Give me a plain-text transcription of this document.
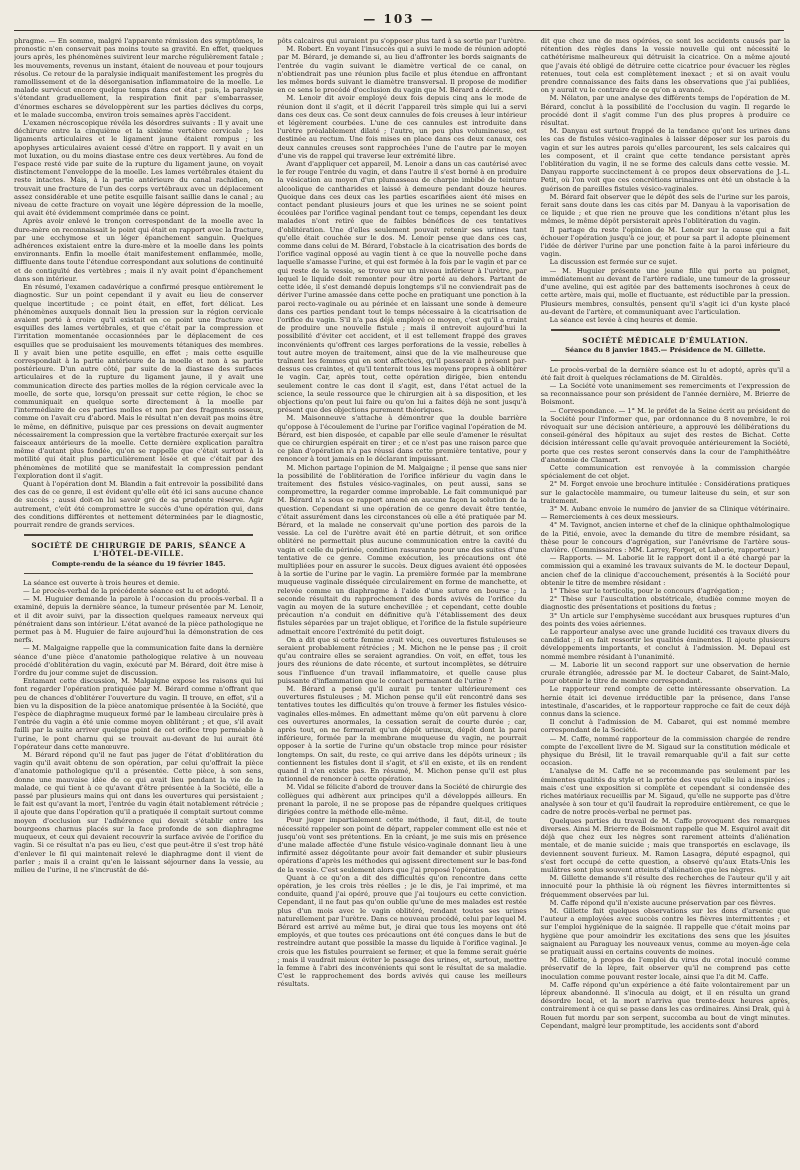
— 103 —

phragme. — En somme, malgré l'apparente rémission des symptômes, le pronostic n'en conservait pas moins toute sa gravité. En effet, quelques jours après, les phénomènes suivirent leur marche régulièrement fatale ; les mouvements, revenus un instant, étaient de nouveau et pour toujours résolus. Ce retour de la paralysie indiquait manifestement les progrès du ramollissement et de la désorganisation inflammatoire de la moelle. Le malade survécut encore quelque temps dans cet état ; puis, la paralysie s'étendant graduellement, la respiration finit par s'embarrasser, d'énormes eschares se développèrent sur les parties déclives du corps, et le malade succomba, environ trois semaines après l'accident.

L'examen nécroscopique révéla les désordres suivants : Il y avait une déchirure entre la cinquième et la sixième vertèbre cervicale ; les ligaments articulaires et le ligament jaune étaient rompus ; les apophyses articulaires avaient cessé d'être en rapport. Il y avait en un mot luxation, ou du moins diastase entre ces deux vertèbres. Au fond de l'espace resté vide par suite de la rupture du ligament jaune, on voyait distinctement l'enveloppe de la moelle. Les lames vertébrales étaient du reste intactes. Mais, à la partie antérieure du canal rachidien, on trouvait une fracture de l'un des corps vertébraux avec un déplacement assez considérable et une petite esquille faisant saillie dans le canal ; au niveau de cette fracture on voyait une légère dépression de la moelle, qui avait été évidemment comprimée dans ce point.

Après avoir enlevé le tronçon correspondant de la moelle avec la dure-mère on reconnaissait le point qui était en rapport avec la fracture, par une ecchymose et un léger épanchement sanguin. Quelques adhérences existaient entre la dure-mère et la moelle dans les points environnants. Enfin la moelle était manifestement enflammée, molle, diffluente dans toute l'étendue correspondant aux solutions de continuité et de contiguïté des vertèbres ; mais il n'y avait point d'épanchement dans son intérieur.

En résumé, l'examen cadavérique a confirmé presque entièrement le diagnostic. Sur un point cependant il y avait eu lieu de conserver quelque incertitude ; ce point était, en effet, fort délicat. Les phénomènes auxquels donnait lieu la pression sur la région cervicale avaient porté à croire qu'il existait en ce point une fracture avec esquilles des lames vertébrales, et que c'était par la compression et l'irritation momentanée occasionnées par le déplacement de ces esquilles que se produisaient les mouvements tétaniques des membres. Il y avait bien une petite esquille, en effet ; mais cette esquille correspondait à la partie antérieure de la moelle et non à sa partie postérieure. D'un autre côté, par suite de la diastase des surfaces articulaires et de la rupture du ligament jaune, il y avait une communication directe des parties molles de la région cervicale avec la moelle, de sorte que, lorsqu'on pressait sur cette région, le choc se communiquait en quelque sorte directement à la moelle par l'intermédiaire de ces parties molles et non par des fragments osseux, comme on l'avait cru d'abord. Mais le résultat n'en devait pas moins être le même, en définitive, puisque par ces pressions on devait augmenter nécessairement la compression que la vertèbre fracturée exerçait sur les faisceaux antérieurs de la moelle. Cette dernière explication paraîtra même d'autant plus fondée, qu'on se rappelle que c'était surtout à la motilité qui était plus particulièrement lésée et que c'était par des phénomènes de motilité que se manifestait la compression pendant l'exploration dont il s'agit.

Quant à l'opération dont M. Blandin a fait entrevoir la possibilité dans des cas de ce genre, il est évident qu'elle eût été ici sans aucune chance de succès ; aussi doit-on lui savoir gré de sa prudente réserve. Agir autrement, c'eût été compromettre le succès d'une opération qui, dans des conditions différentes et nettement déterminées par le diagnostic, pourrait rendre de grands services.

SOCIÉTÉ DE CHIRURGIE DE PARIS, SÉANCE A L'HÔTEL-DE-VILLE.
Compte-rendu de la séance du 19 février 1845.

La séance est ouverte à trois heures et demie.

— Le procès-verbal de la précédente séance est lu et adopté.

— M. Huguier demande la parole à l'occasion du procès-verbal. Il a examiné, depuis la dernière séance, la tumeur présentée par M. Lenoir, et il dit avoir suivi, par la dissection quelques rameaux nerveux qui pénétraient dans son intérieur. L'état avancé de la pièce pathologique ne permet pas à M. Huguier de faire aujourd'hui la démonstration de ces nerfs.

— M. Malgaigne rappelle que la communication faite dans la dernière séance d'une pièce d'anatomie pathologique relative à un nouveau procédé d'oblitération du vagin, exécuté par M. Bérard, doit être mise à l'ordre du jour comme sujet de discussion.

Entamant cette discussion, M. Malgaigne expose les raisons qui lui font regarder l'opération pratiquée par M. Bérard comme n'offrant que peu de chances d'oblitérer l'ouverture du vagin. Il trouve, en effet, s'il a bien vu la disposition de la pièce anatomique présentée à la Société, que l'espèce de diaphragme muqueux formé par le lambeau circulaire près à l'entrée du vagin a été unie comme moyen oblitérant ; et que, s'il avait failli par la suite arriver quelque point de cet orifice trop perméable à l'urine, le pont charnu qui se trouvait au-devant de lui aurait ôté l'opérateur dans cette manœuvre.

M. Bérard répond qu'il ne faut pas juger de l'état d'oblitération du vagin qu'il avait obtenu de son opération, par celui qu'offrait la pièce d'anatomie pathologique qu'il a présentée. Cette pièce, à son sens, donne une mauvaise idée de ce qui avait lieu pendant la vie de la malade, ce qui tient à ce qu'avant d'être présentée à la Société, elle a passé par plusieurs mains qui ont dans les ouvertures qui persistaient ; le fait est qu'avant la mort, l'entrée du vagin était notablement rétrécie ; il ajoute que dans l'opération qu'il a pratiquée il comptait surtout comme moyen d'occlusion sur l'adhérence qui devait s'établir entre les bourgeons charnus placés sur la face profonde de son diaphragme muqueux, et ceux qui devaient recouvrir la surface avivée de l'orifice du vagin. Si ce résultat n'a pas eu lieu, c'est que peut-être il s'est trop hâté d'enlever le fil qui maintenait relevé le diaphragme dont il vient de parler ; mais il a craint qu'en le laissant séjourner dans la vessie, au milieu de l'urine, il ne s'incrustât de dé-

pôts calcaires qui auraient pu s'opposer plus tard à sa sortie par l'urètre.

M. Robert. En voyant l'insuccès qui a suivi le mode de réunion adopté par M. Bérard, je demande si, au lieu d'affronter les bords saignants de l'entrée du vagin suivant le diamètre vertical de ce canal, on n'obtiendrait pas une réunion plus facile et plus étendue en affrontant les mêmes bords suivant le diamètre transversal. Il propose de modifier en ce sens le procédé d'occlusion du vagin que M. Bérard a décrit.

M. Lenoir dit avoir employé deux fois depuis cinq ans le mode de réunion dont il s'agit, et il décrit l'appareil très simple qui lui a servi dans ces deux cas. Ce sont deux cannules de fois creuses à leur intérieur et légèrement courbées. L'une de ces cannules est introduite dans l'urètre préalablement dilaté ; l'autre, un peu plus volumineuse, est destinée au rectum. Une fois mises en place dans ces deux canaux, ces deux cannules creuses sont rapprochées l'une de l'autre par le moyen d'une vis de rappel qui traverse leur extrémité libre.

Avant d'appliquer cet appareil, M. Lenoir a dans un cas cautérisé avec le fer rouge l'entrée du vagin, et dans l'autre il s'est borné à en produire la vésication au moyen d'un plumasseau de charpie imbibé de teinture alcoolique de cantharides et laissé à demeure pendant douze heures. Quoique dans ces deux cas les parties escarifiées aient été mises en contact pendant plusieurs jours et que les urines ne se soient point écoulées par l'orifice vaginal pendant tout ce temps, cependant les deux malades n'ont retiré que de faibles bénéfices de ces tentatives d'oblitération. Une d'elles seulement pouvait retenir ses urines tant qu'elle était couchée sur le dos. M. Lenoir pense que dans ces cas, comme dans celui de M. Bérard, l'obstacle à la cicatrisation des bords de l'orifice vaginal opposé au vagin tient à ce que la nouvelle poche dans laquelle s'amasse l'urine, et qui est formée à la fois par le vagin et par ce qui reste de la vessie, se trouve sur un niveau inférieur à l'urètre, par lequel le liquide doit remonter pour être porté au dehors. Partant de cette idée, il s'est demandé depuis longtemps s'il ne conviendrait pas de dériver l'urine amassée dans cette poche en pratiquant une ponction à la paroi recto-vaginale ou au périnée et en laissant une sonde à demeure dans ces parties pendant tout le temps nécessaire à la cicatrisation de l'orifice du vagin. S'il n'a pas déjà employé ce moyen, c'est qu'il a craint de produire une nouvelle fistule ; mais il entrevoit aujourd'hui la possibilité d'éviter cet accident, et il est tellement frappé des graves inconvénients qu'offrent ces larges perforations de la vessie, rebelles à tout autre moyen de traitement, ainsi que de la vie malheureuse que traînent les femmes qui en sont affectées, qu'il passerait à présent par-dessus ces craintes, et qu'il tenterait tous les moyens propres à oblitérer le vagin. Car, après tout, cette opération dirigée, bien entendu seulement contre le cas dont il s'agit, est, dans l'état actuel de la science, la seule ressource que le chirurgien ait à sa disposition, et les objections qu'on peut lui faire ou qu'on lui a faites déjà ne sont jusqu'à présent que des objections purement théoriques.

M. Maisonneuve s'attache à démontrer que la double barrière qu'oppose à l'écoulement de l'urine par l'orifice vaginal l'opération de M. Bérard, est bien disposée, et capable par elle seule d'amener le résultat que ce chirurgien espérait en tirer ; et ce n'est pas une raison parce que ce plan d'opération n'a pas réussi dans cette première tentative, pour y renoncer à tout jamais en le déclarant impuissant.

M. Michon partage l'opinion de M. Malgaigne ; il pense que sans nier la possibilité de l'oblitération de l'orifice inférieur du vagin dans le traitement des fistules vésico-vaginales, on peut aussi, sans se compromettre, la regarder comme improbable. Le fait communiqué par M. Bérard n'a sous ce rapport amené en aucune façon la solution de la question. Cependant si une opération de ce genre devait être tentée, c'était assurément dans les circonstances où elle a été pratiquée par M. Bérard, et la malade ne conservait qu'une portion des parois de la vessie. La cel de l'urètre avait été en partie détruit, et son orifice oblitéré ne permettait plus aucune communication entre la cavité du vagin et celle du périnée, condition rassurante pour une des suites d'une tentative de ce genre. Comme exécution, les précautions ont été multipliées pour en assurer le succès. Deux digues avaient été opposées à la sortie de l'urine par le vagin. La première formée par la membrane muqueuse vaginale disséquée circulairement en forme de manchette, et relevée comme un diaphragme à l'aide d'une suture en bourse ; la seconde résultait du rapprochement des bords avivés de l'orifice du vagin au moyen de la suture enchevillée ; et cependant, cette double précaution n'a conduit en définitive qu'à l'établissement des deux fistules séparées par un trajet oblique, et l'orifice de la fistule supérieure admettait encore l'extrémité du petit doigt.

On a dit que si cette femme avait vécu, ces ouvertures fistuleuses se seraient probablement rétrécies ; M. Michon ne le pense pas ; il croit qu'au contraire elles se seraient agrandies. On voit, en effet, tous les jours des réunions de date récente, et surtout incomplètes, se détruire sous l'influence d'un travail inflammatoire, et quelle cause plus puissante d'inflammation que le contact permanent de l'urine ?

M. Bérard a pensé qu'il aurait pu tenter ultérieurement ces ouvertures fistuleuses ; M. Michon pense qu'il eût rencontré dans ses tentatives toutes les difficultés qu'on trouve à fermer les fistules vésico-vaginales elles-mêmes. En admettant même qu'on eût parvenu à clore ces ouvertures anormales, la cessation serait de courte durée ; car, après tout, on ne fermerait qu'un dépôt urineux, dépôt dont la paroi inférieure, formée par la membrane muqueuse du vagin, ne pourrait opposer à la sortie de l'urine qu'un obstacle trop mince pour résister longtemps. On sait, du reste, ce qui arrive dans les dépôts urineux ; ils contiennent les fistules dont il s'agit, et s'il en existe, et ils en rendent quand il n'en existe pas. En résumé, M. Michon pense qu'il est plus rationnel de renoncer à cette opération.

M. Vidal se félicite d'abord de trouver dans la Société de chirurgie des collègues qui adhèrent aux principes qu'il a développés ailleurs. En prenant la parole, il ne se propose pas de répandre quelques critiques dirigées contre la méthode elle-même.

Pour juger impartialement cette méthode, il faut, dit-il, de toute nécessité rappeler son point de départ, rappeler comment elle est née et jusqu'où vont ses prétentions. En la créant, je me suis mis en présence d'une malade affectée d'une fistule vésico-vaginale donnant lieu à une infirmité assez dégoûtante pour avoir fait demander et subir plusieurs opérations d'après les méthodes qui agissent directement sur le bas-fond de la vessie. C'est seulement alors que j'ai proposé l'opération.

Quant à ce qu'on a dit des difficultés qu'on rencontre dans cette opération, je les crois très réelles ; je le dis, je l'ai imprimé, et ma conduite, quand j'ai opéré, prouve que j'ai toujours eu cette conviction. Cependant, il ne faut pas qu'on oublie qu'une de mes malades est restée plus d'un mois avec le vagin oblitéré, rendant toutes ses urines naturellement par l'urètre. Dans ce nouveau procédé, celui par lequel M. Bérard est arrivé au même but, je dirai que tous les moyens ont été employés, et que toutes ces précautions ont été conçues dans le but de restreindre autant que possible la masse du liquide à l'orifice vaginal. Je crois que les fistules pourraient se fermer, et que la femme serait guérie ; mais il vaudrait mieux éviter le passage des urines, et, surtout, mettre la femme à l'abri des inconvénients qui sont le résultat de sa maladie. C'est le rapprochement des bords avivés qui cause les meilleurs résultats.

dit que chez une de mes opérées, ce sont les accidents causés par la rétention des règles dans la vessie nouvelle qui ont nécessité le cathétérisme malheureux qui détruisit la cicatrice. On a même ajouté que j'avais été obligé de détruire cette cicatrice pour évacuer les règles retenues, tout cela est complètement inexact ; et si on avait voulu prendre connaissance des faits dans les observations que j'ai publiées, on y aurait vu le contraire de ce qu'on a avancé.

M. Nélaton, par une analyse des différents temps de l'opération de M. Bérard, conclut à la possibilité de l'occlusion du vagin. Il regarde le procédé dont il s'agit comme l'un des plus propres à produire ce résultat.

M. Danyau est surtout frappé de la tendance qu'ont les urines dans les cas de fistules vésico-vaginales à laisser déposer sur les parois du vagin et sur les autres parois qu'elles parcourent, les sels calcaires qui les composent, et il craint que cette tendance persistant après l'oblitération du vagin, il ne se forme des calculs dans cette vessie. M. Danyau rapporte succinctement à ce propos deux observations de J.-L. Petit, où l'on voit que ces concrétions urinaires ont été un obstacle à la guérison de pareilles fistules vésico-vaginales.

M. Bérard fait observer que le dépôt des sels de l'urine sur les parois, ferait sans doute dans les cas cités par M. Danyau à la vaporisation de ce liquide ; et que rien ne prouve que les conditions n'étant plus les mêmes, le même dépôt persisterait après l'oblitération du vagin.

Il partage du reste l'opinion de M. Lenoir sur la cause qui a fait échouer l'opération jusqu'à ce jour, et pour sa part il adopte pleinement l'idée de dériver l'urine par une ponction faite à la paroi inférieure du vagin.

La discussion est fermée sur ce sujet.

— M. Huguier présente une jeune fille qui porte au poignet, immédiatement au devant de l'artère radiale, une tumeur de la grosseur d'une aveline, qui est agitée par des battements isochrones à ceux de cette artère, mais qui, molle et fluctuante, est réductible par la pression. Plusieurs membres, consultés, pensent qu'il s'agit ici d'un kyste placé au-devant de l'artère, et communiquant avec l'articulation.

La séance est levée à cinq heures et demie.

SOCIÉTÉ MÉDICALE D'ÉMULATION.
Séance du 8 janvier 1845.— Présidence de M. Gillette.

Le procès-verbal de la dernière séance est lu et adopté, après qu'il a été fait droit à quelques réclamations de M. Giraldès.

— La Société vote unanimement ses remerciments et l'expression de sa reconnaissance pour son président de l'année dernière, M. Brierre de Boismont.

— Correspondance. — 1° M. le préfet de la Seine écrit au président de la Société pour l'informer que, par ordonnance du 8 novembre, le roi révoquait sur une décision antérieure, a approuvé les délibérations du conseil-général des hôpitaux au sujet des restes de Bichat. Cette décision intéressant celle qu'avait provoquée antérieurement la Société, porte que ces restes seront conservés dans la cour de l'amphithéâtre d'anatomie de Clamart.

Cette communication est renvoyée à la commission chargée spécialement de cet objet.

2° M. Forget envoie une brochure intitulée : Considérations pratiques sur le galactocèle mammaire, ou tumeur laiteuse du sein, et sur son traitement.

3° M. Aubanc envoie le numéro de janvier de sa Clinique vétérinaire. — Remerciements à ces deux messieurs.

4° M. Tavignot, ancien interne et chef de la clinique ophthalmologique de la Pitié, envoie, avec la demande du titre de membre résidant, sa thèse pour le concours d'agrégation, sur l'anévrisme de l'artère sous-clavière. (Commissaires : MM. Larrey, Forget, et Laborie, rapporteur.)

— Rapports. — M. Laborie lit le rapport dont il a été chargé par la commission qui a examiné les travaux suivants de M. le docteur Depaul, ancien chef de la clinique d'accouchement, présentés à la Société pour obtenir le titre de membre résidant :

1° Thèse sur le torticolis, pour le concours d'agrégation ;

2° Thèse sur l'auscultation obstétricale, étudiée comme moyen de diagnostic des présentations et positions du fœtus ;

3° Un article sur l'emphysème succédant aux brusques ruptures d'un des points des voies aériennes.

Le rapporteur analyse avec une grande lucidité ces travaux divers du candidat ; il en fait ressortir les qualités éminentes. Il ajoute plusieurs développements importants, et conclut à l'admission. M. Depaul est nommé membre résidant à l'unanimité.

— M. Laborie lit un second rapport sur une observation de hernie crurale étranglée, adressée par M. le docteur Cabaret, de Saint-Malo, pour obtenir le titre de membre correspondant.

Le rapporteur rend compte de cette intéressante observation. La hernie était ici devenue irréductible par la présence, dans l'anse intestinale, d'ascarides, et le rapporteur rapproche ce fait de ceux déjà connus dans la science.

Il conclut à l'admission de M. Cabaret, qui est nommé membre correspondant de la Société.

— M. Caffe, nommé rapporteur de la commission chargée de rendre compte de l'excellent livre de M. Sigaud sur la constitution médicale et physique du Brésil, lit le travail remarquable qu'il a fait sur cette occasion.

L'analyse de M. Caffe ne se recommande pas seulement par les éminentes qualités du style et la portée des vues qu'elle lui a inspirées ; mais c'est une exposition si complète et cependant si condensée des riches matériaux recueillis par M. Sigaud, qu'elle ne supporte pas d'être analysée à son tour et qu'il faudrait la reproduire entièrement, ce que le cadre de notre procès-verbal ne permet pas.

Quelques parties du travail de M. Caffe provoquent des remarques diverses. Ainsi M. Brierre de Boismont rappelle que M. Esquirol avait dit déjà que chez eux les nègres sont rarement atteints d'aliénation mentale, et de manie suicide ; mais que transportés en esclavage, ils deviennent souvent furieux. M. Ramon Lasagra, député espagnol, qui s'est fort occupé de cette question, a observé qu'aux Etats-Unis les mulâtres sont plus souvent atteints d'aliénation que les nègres.

M. Gillette demande s'il résulte des recherches de l'auteur qu'il y ait innocuité pour la phthisie là où régnent les fièvres intermittentes si fréquemment observées par lui.

M. Caffe répond qu'il n'existe aucune préservation par ces fièvres.

M. Gillette fait quelques observations sur les dons d'arsenic que l'auteur a employées avec succès contre les fièvres intermittentes ; et sur l'emploi hygiénique de la saignée. Il rappelle que c'était moins par hygiène que pour amoindrir les excitations des sens que les jésuites saignaient au Paraguay les nouveaux venus, comme au moyen-âge cela se pratiquait aussi en certains couvents de moines.

M. Gillette, à propos de l'emploi du virus du crotal inoculé comme préservatif de la lèpre, fait observer qu'il ne comprend pas cette inoculation comme pouvant rester locale, ainsi que l'a dit M. Caffe.

M. Caffe répond qu'un expérience a été faite volontairement par un lépreux abandonné. Il s'inocula au doigt, et il en résulta un grand désordre local, et la mort n'arriva que trente-deux heures après, contrairement à ce qui se passe dans les cas ordinaires. Ainsi Drak, qui à Rouen fut mordu par son serpent, succomba au bout de vingt minutes. Cependant, malgré leur promptitude, les accidents sont d'abord
